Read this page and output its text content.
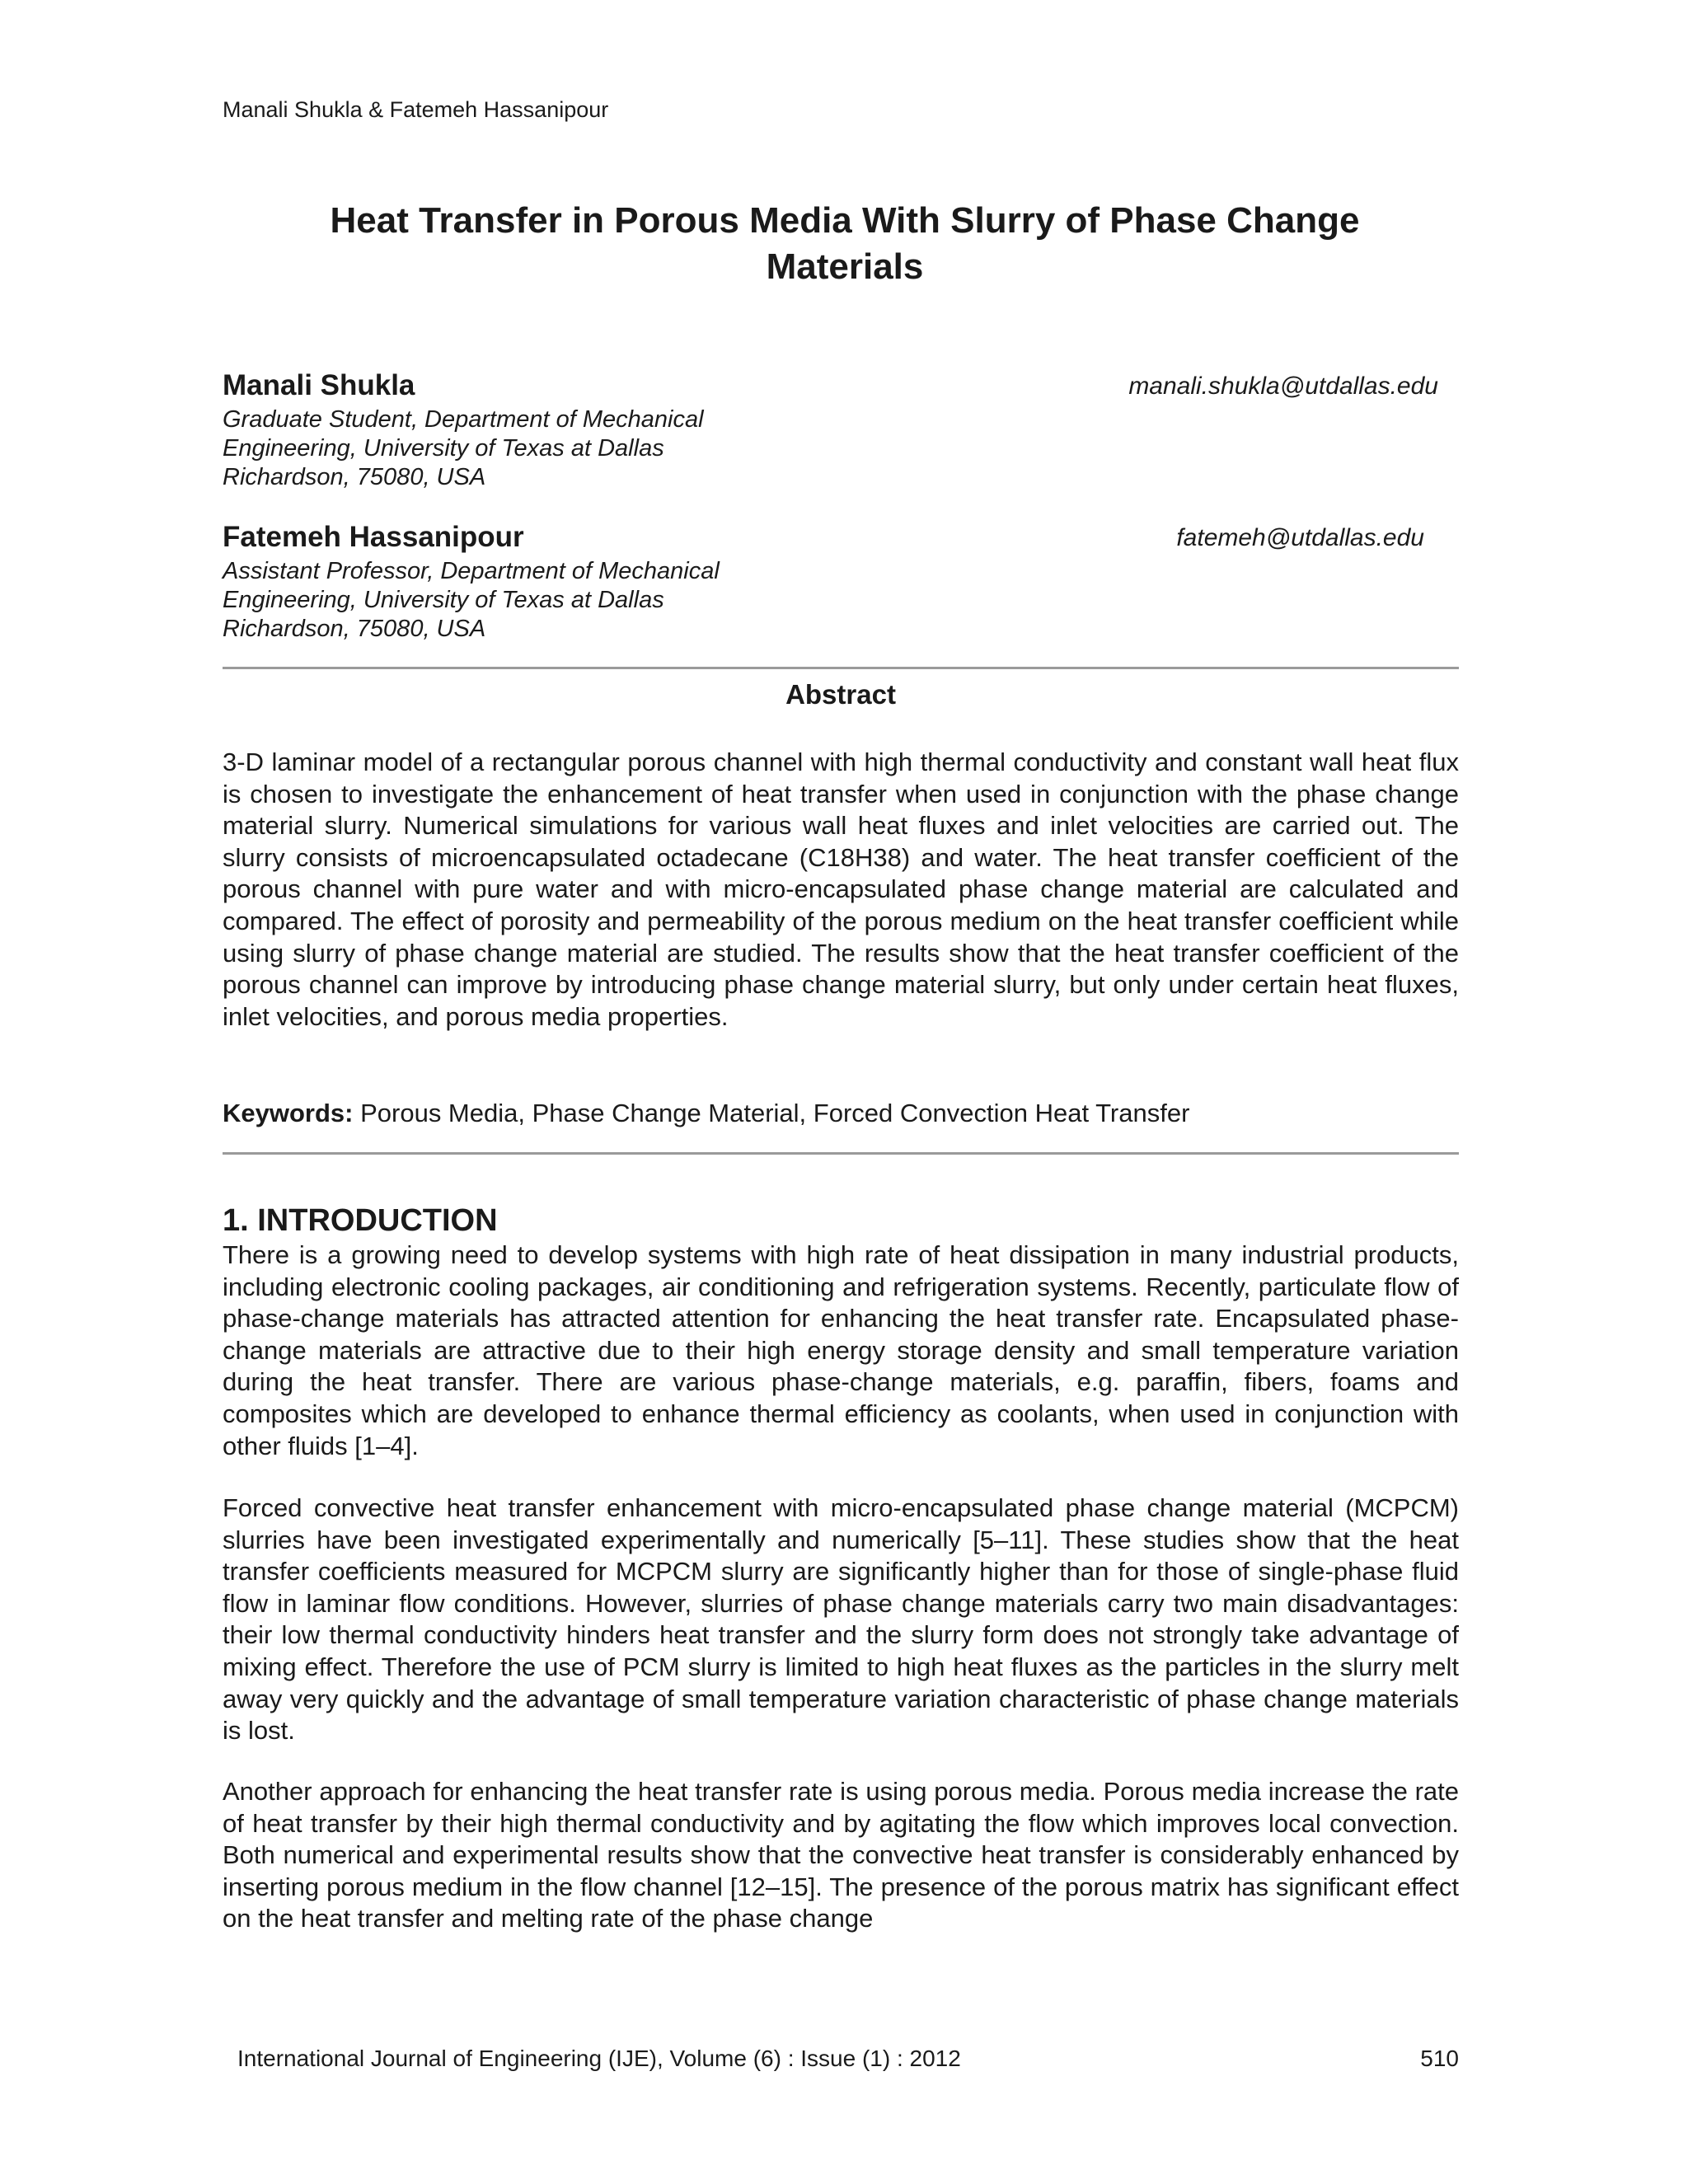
Manali Shukla & Fatemeh Hassanipour
Heat Transfer in Porous Media With Slurry of Phase Change
Materials
Manali Shukla	manali.shukla@utdallas.edu
Graduate Student, Department of Mechanical
Engineering, University of Texas at Dallas
Richardson, 75080, USA
Fatemeh Hassanipour	fatemeh@utdallas.edu
Assistant Professor, Department of Mechanical
Engineering, University of Texas at Dallas
Richardson, 75080, USA
Abstract
3-D laminar model of a rectangular porous channel with high thermal conductivity and constant wall heat flux is chosen to investigate the enhancement of heat transfer when used in conjunction with the phase change material slurry. Numerical simulations for various wall heat fluxes and inlet velocities are carried out. The slurry consists of microencapsulated octadecane (C18H38) and water. The heat transfer coefficient of the porous channel with pure water and with micro-encapsulated phase change material are calculated and compared. The effect of porosity and permeability of the porous medium on the heat transfer coefficient while using slurry of phase change material are studied. The results show that the heat transfer coefficient of the porous channel can improve by introducing phase change material slurry, but only under certain heat fluxes, inlet velocities, and porous media properties.
Keywords: Porous Media, Phase Change Material, Forced Convection Heat Transfer
1. INTRODUCTION
There is a growing need to develop systems with high rate of heat dissipation in many industrial products, including electronic cooling packages, air conditioning and refrigeration systems. Recently, particulate flow of phase-change materials has attracted attention for enhancing the heat transfer rate. Encapsulated phase-change materials are attractive due to their high energy storage density and small temperature variation during the heat transfer. There are various phase-change materials, e.g. paraffin, fibers, foams and composites which are developed to enhance thermal efficiency as coolants, when used in conjunction with other fluids [1–4].
Forced convective heat transfer enhancement with micro-encapsulated phase change material (MCPCM) slurries have been investigated experimentally and numerically [5–11]. These studies show that the heat transfer coefficients measured for MCPCM slurry are significantly higher than for those of single-phase fluid flow in laminar flow conditions. However, slurries of phase change materials carry two main disadvantages: their low thermal conductivity hinders heat transfer and the slurry form does not strongly take advantage of mixing effect. Therefore the use of PCM slurry is limited to high heat fluxes as the particles in the slurry melt away very quickly and the advantage of small temperature variation characteristic of phase change materials is lost.
Another approach for enhancing the heat transfer rate is using porous media. Porous media increase the rate of heat transfer by their high thermal conductivity and by agitating the flow which improves local convection. Both numerical and experimental results show that the convective heat transfer is considerably enhanced by inserting porous medium in the flow channel [12–15]. The presence of the porous matrix has significant effect on the heat transfer and melting rate of the phase change
International Journal of Engineering (IJE), Volume (6) : Issue (1) : 2012	510
